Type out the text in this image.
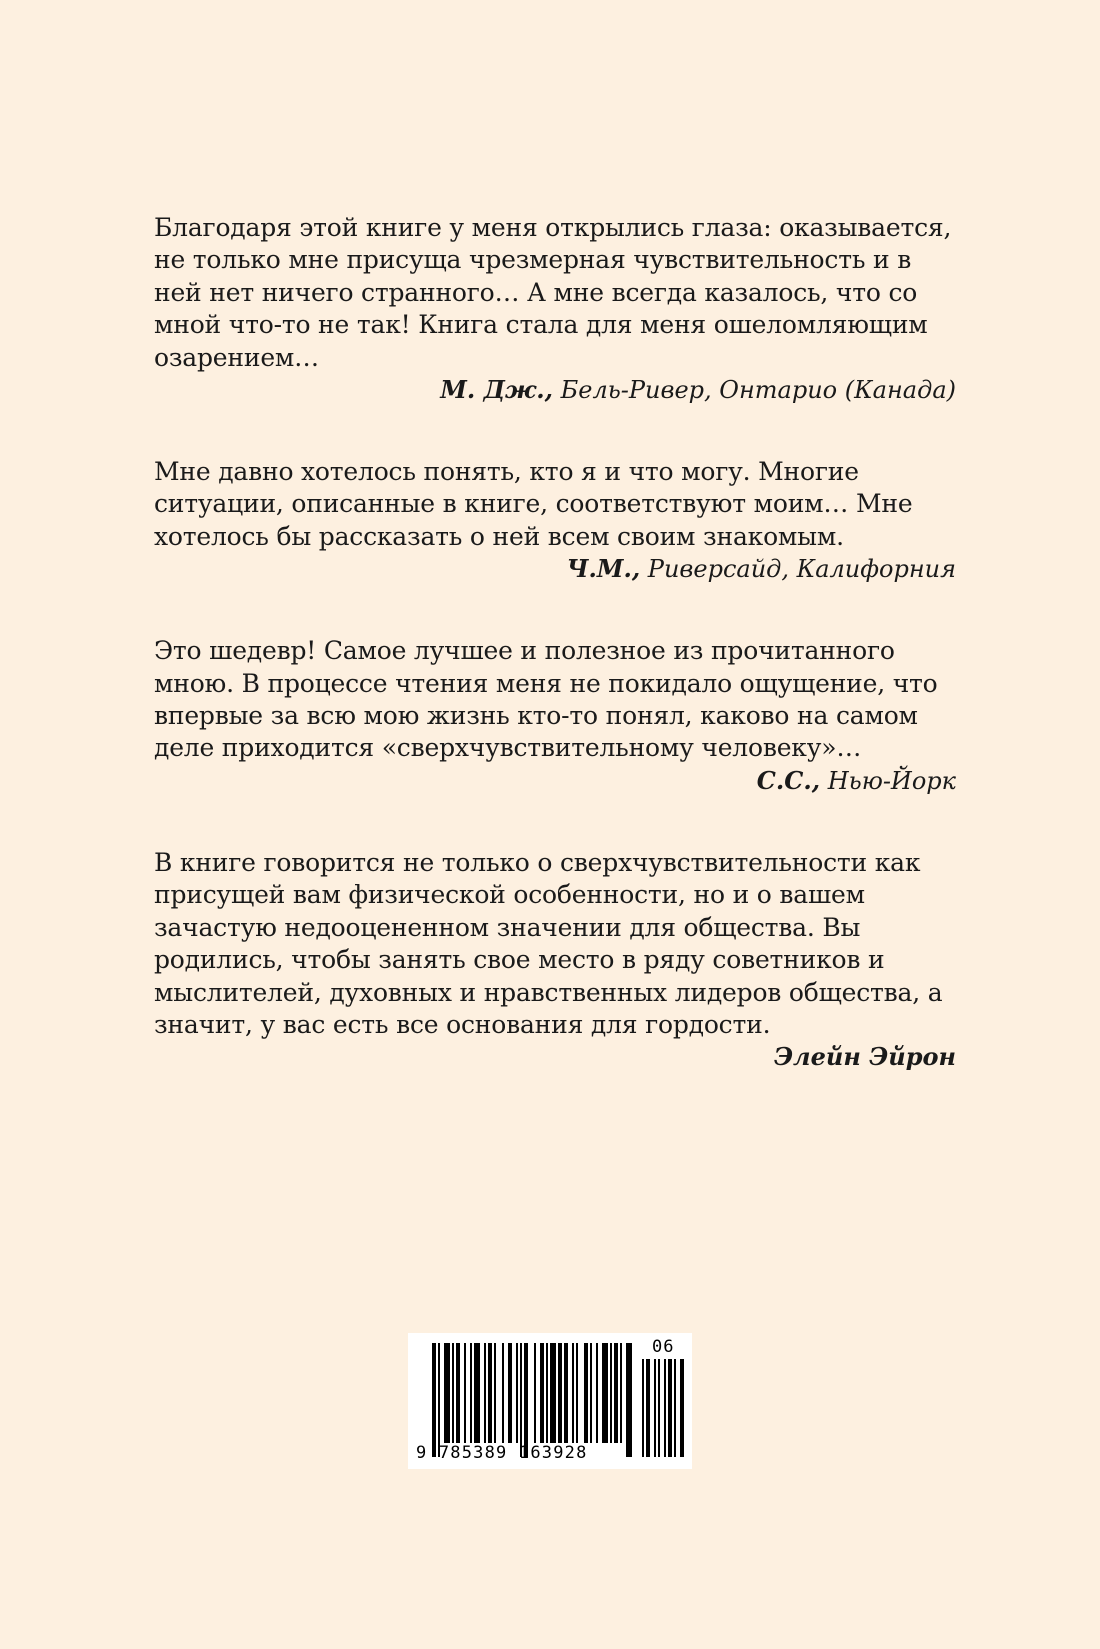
Благодаря этой книге у меня открылись глаза: оказывается, не только мне присуща чрезмерная чувствительность и в ней нет ничего странного… А мне всегда казалось, что со мной что-то не так! Книга стала для меня ошеломляющим озарением…

М. Дж., Бель-Ривер, Онтарио (Канада)

Мне давно хотелось понять, кто я и что могу. Многие ситуации, описанные в книге, соответствуют моим… Мне хотелось бы рассказать о ней всем своим знакомым.

Ч.М., Риверсайд, Калифорния

Это шедевр! Самое лучшее и полезное из прочитанного мною. В процессе чтения меня не покидало ощущение, что впервые за всю мою жизнь кто-то понял, каково на самом деле приходится «сверхчувствительному человеку»…

С.С., Нью-Йорк

В книге говорится не только о сверхчувствительности как присущей вам физической особенности, но и о вашем зачастую недооцененном значении для общества. Вы родились, чтобы занять свое место в ряду советников и мыслителей, духовных и нравственных лидеров общества, а значит, у вас есть все основания для гордости.

Элейн Эйрон
9 785389 163928
06
